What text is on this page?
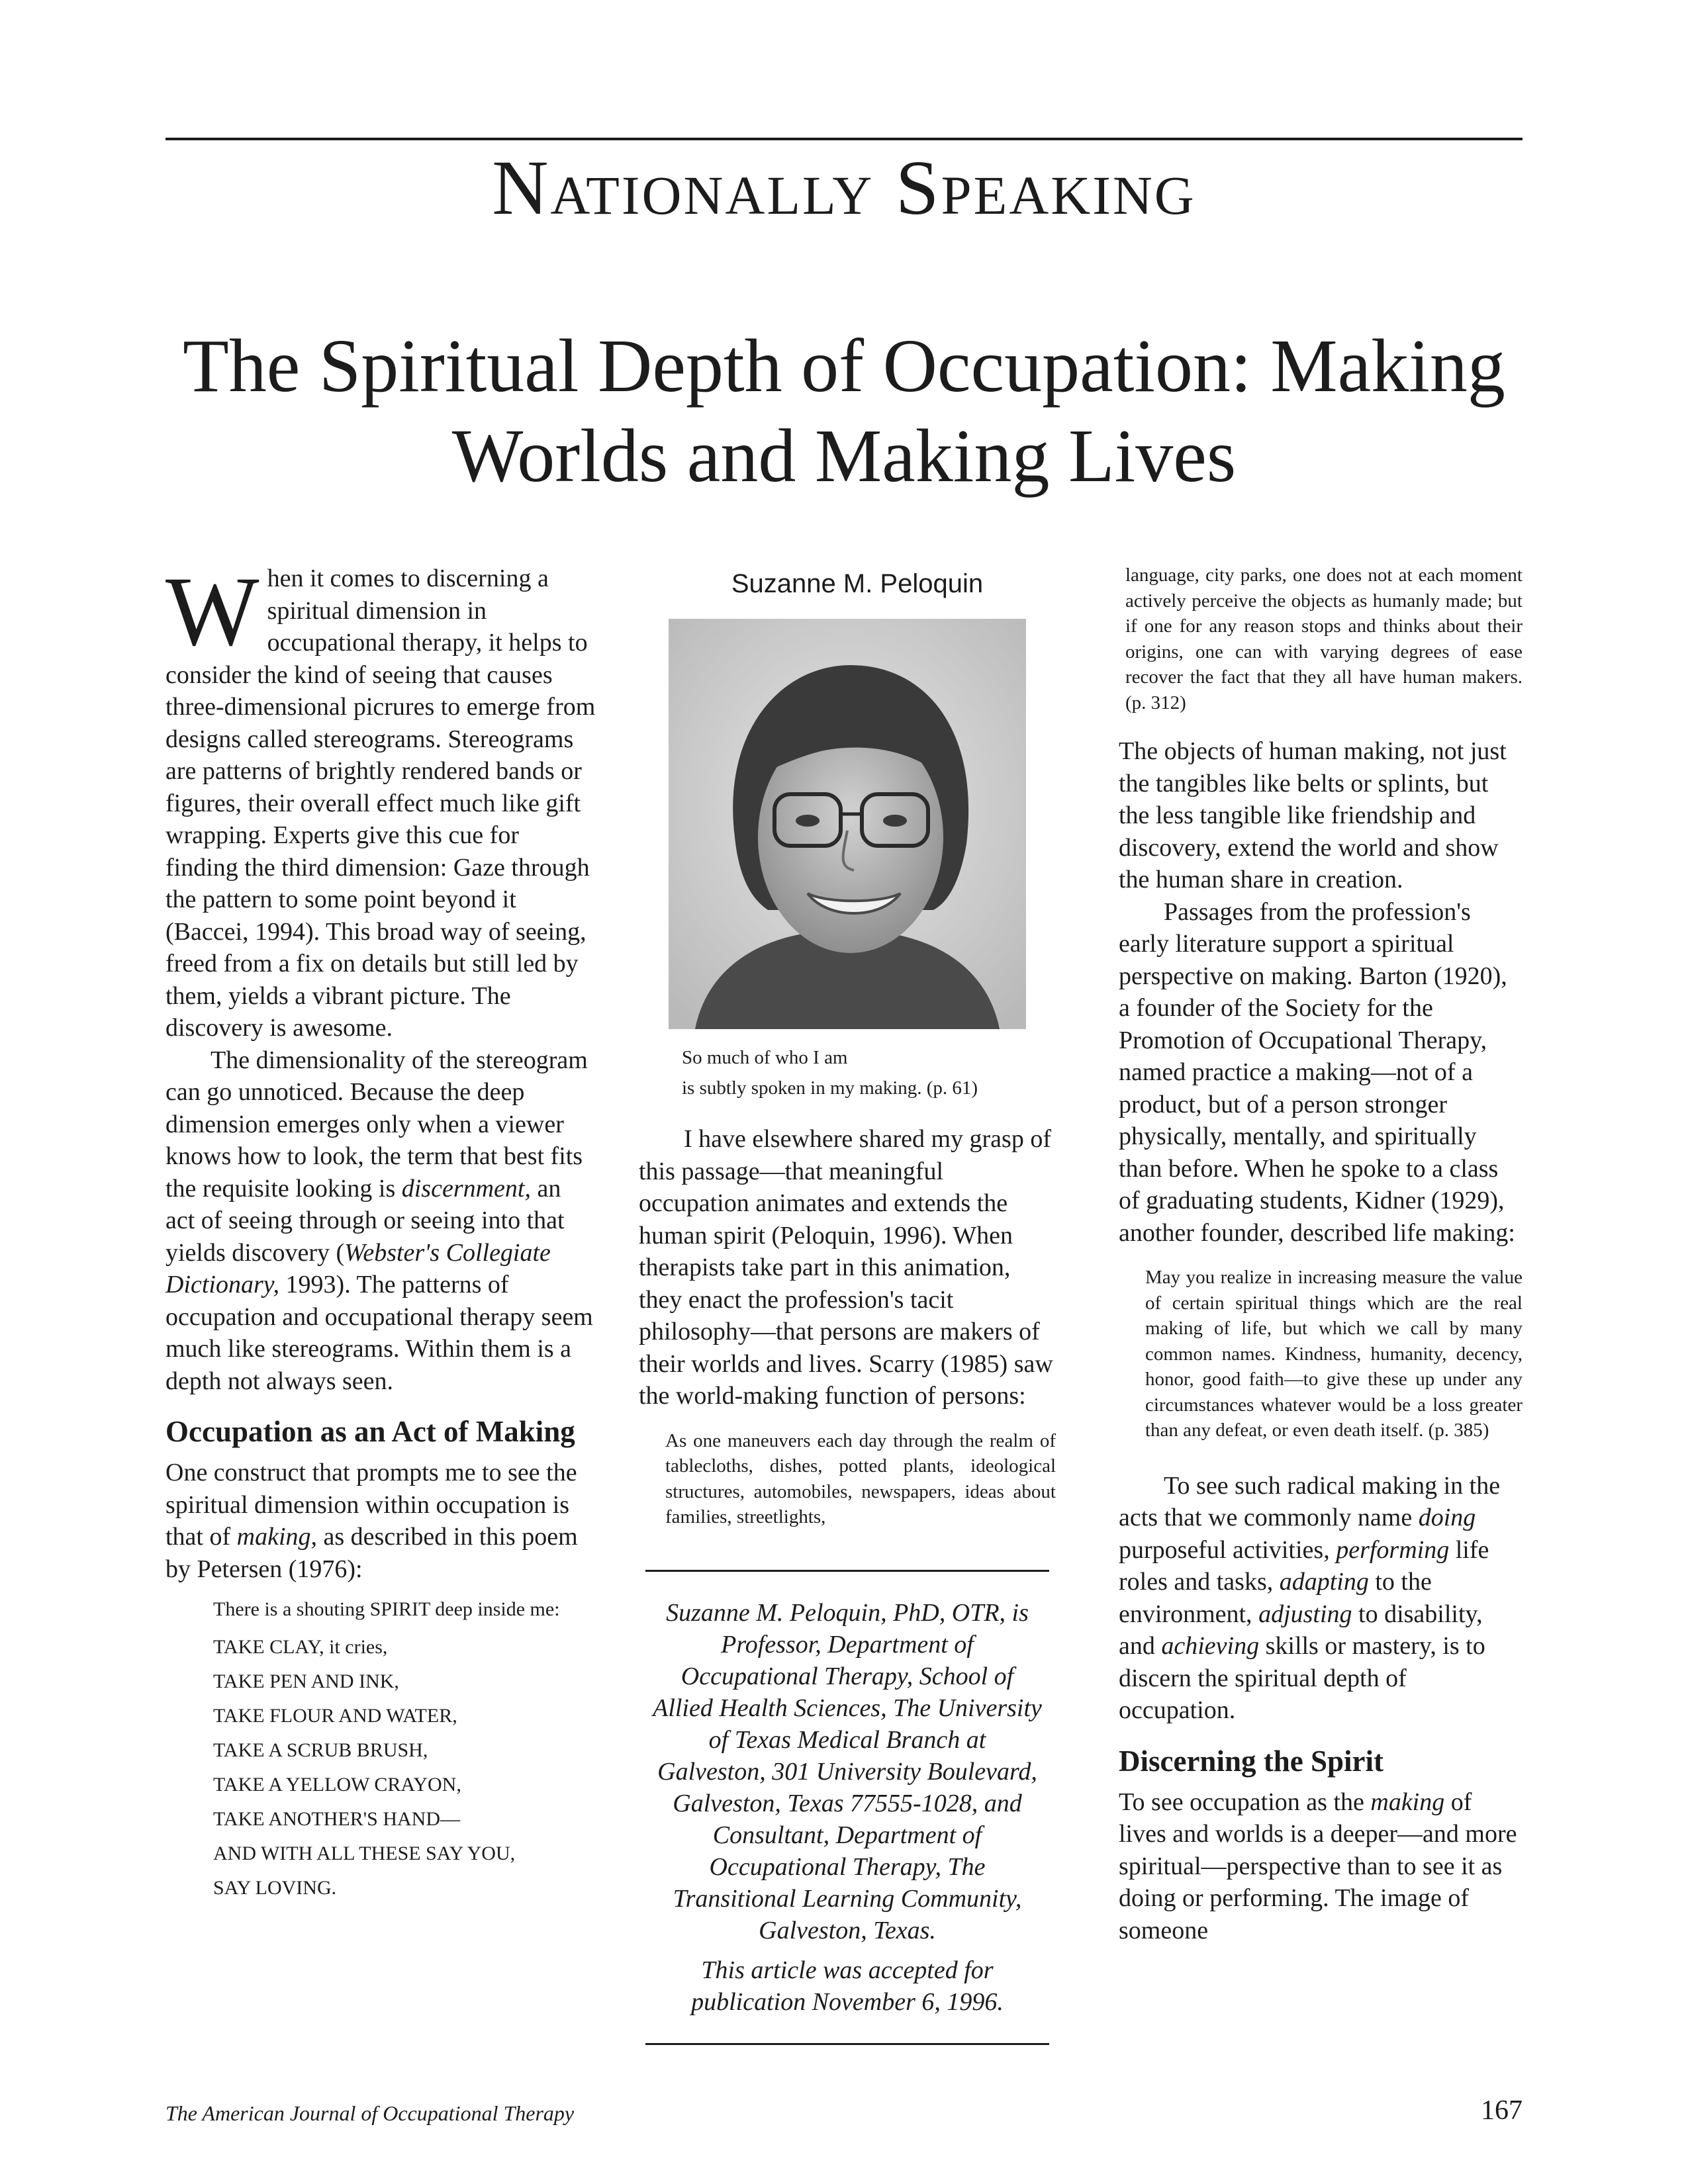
Nationally Speaking
The Spiritual Depth of Occupation: Making Worlds and Making Lives

When it comes to discerning a spiritual dimension in occupational therapy, it helps to consider the kind of seeing that causes three-dimensional picrures to emerge from designs called stereograms. Stereograms are patterns of brightly rendered bands or figures, their overall effect much like gift wrapping. Experts give this cue for finding the third dimension: Gaze through the pattern to some point beyond it (Baccei, 1994). This broad way of seeing, freed from a fix on details but still led by them, yields a vibrant picture. The discovery is awesome.

The dimensionality of the stereogram can go unnoticed. Because the deep dimension emerges only when a viewer knows how to look, the term that best fits the requisite looking is discernment, an act of seeing through or seeing into that yields discovery (Webster's Collegiate Dictionary, 1993). The patterns of occupation and occupational therapy seem much like stereograms. Within them is a depth not always seen.

Occupation as an Act of Making

One construct that prompts me to see the spiritual dimension within occupation is that of making, as described in this poem by Petersen (1976):

There is a shouting SPIRIT deep inside me:
TAKE CLAY, it cries,
TAKE PEN AND INK,
TAKE FLOUR AND WATER,
TAKE A SCRUB BRUSH,
TAKE A YELLOW CRAYON,
TAKE ANOTHER'S HAND—
AND WITH ALL THESE SAY YOU,
SAY LOVING.
Suzanne M. Peloquin
So much of who I am
is subtly spoken in my making. (p. 61)

I have elsewhere shared my grasp of this passage—that meaningful occupation animates and extends the human spirit (Peloquin, 1996). When therapists take part in this animation, they enact the profession's tacit philosophy—that persons are makers of their worlds and lives. Scarry (1985) saw the world-making function of persons:

As one maneuvers each day through the realm of tablecloths, dishes, potted plants, ideological structures, automobiles, newspapers, ideas about families, streetlights,
Suzanne M. Peloquin, PhD, OTR, is Professor, Department of Occupational Therapy, School of Allied Health Sciences, The University of Texas Medical Branch at Galveston, 301 University Boulevard, Galveston, Texas 77555-1028, and Consultant, Department of Occupational Therapy, The Transitional Learning Community, Galveston, Texas.
This article was accepted for publication November 6, 1996.
language, city parks, one does not at each moment actively perceive the objects as humanly made; but if one for any reason stops and thinks about their origins, one can with varying degrees of ease recover the fact that they all have human makers. (p. 312)

The objects of human making, not just the tangibles like belts or splints, but the less tangible like friendship and discovery, extend the world and show the human share in creation.

Passages from the profession's early literature support a spiritual perspective on making. Barton (1920), a founder of the Society for the Promotion of Occupational Therapy, named practice a making—not of a product, but of a person stronger physically, mentally, and spiritually than before. When he spoke to a class of graduating students, Kidner (1929), another founder, described life making:

May you realize in increasing measure the value of certain spiritual things which are the real making of life, but which we call by many common names. Kindness, humanity, decency, honor, good faith—to give these up under any circumstances whatever would be a loss greater than any defeat, or even death itself. (p. 385)

To see such radical making in the acts that we commonly name doing purposeful activities, performing life roles and tasks, adapting to the environment, adjusting to disability, and achieving skills or mastery, is to discern the spiritual depth of occupation.

Discerning the Spirit

To see occupation as the making of lives and worlds is a deeper—and more spiritual—perspective than to see it as doing or performing. The image of someone

The American Journal of Occupational Therapy	167
